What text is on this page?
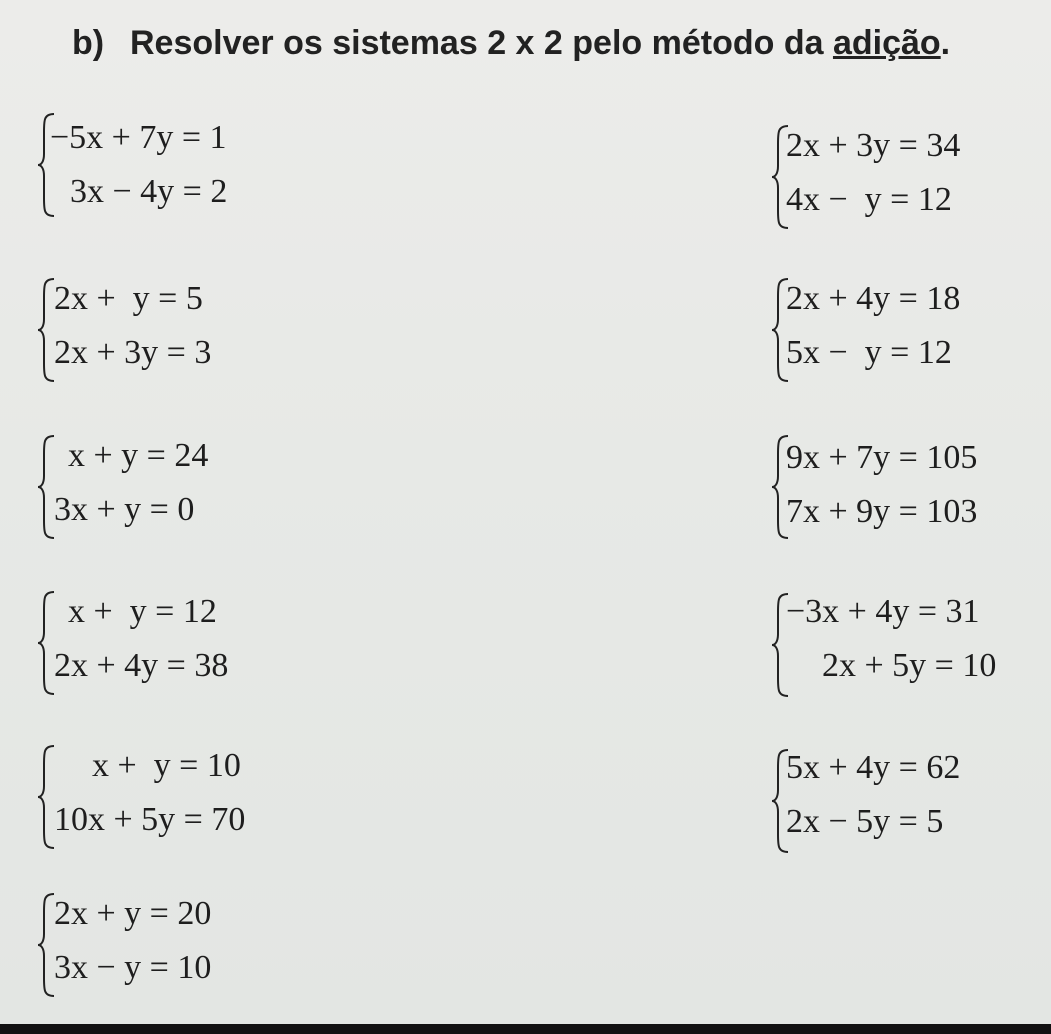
b) Resolver os sistemas 2 x 2 pelo método da adição.
−5x + 7y = 1
3x − 4y = 2
2x + 3y = 34
4x −  y = 12
2x +  y = 5
2x + 3y = 3
2x + 4y = 18
5x −  y = 12
x + y = 24
3x + y = 0
9x + 7y = 105
7x + 9y = 103
x +  y = 12
2x + 4y = 38
−3x + 4y = 31
2x + 5y = 10
x +  y = 10
10x + 5y = 70
5x + 4y = 62
2x − 5y = 5
2x + y = 20
3x − y = 10
